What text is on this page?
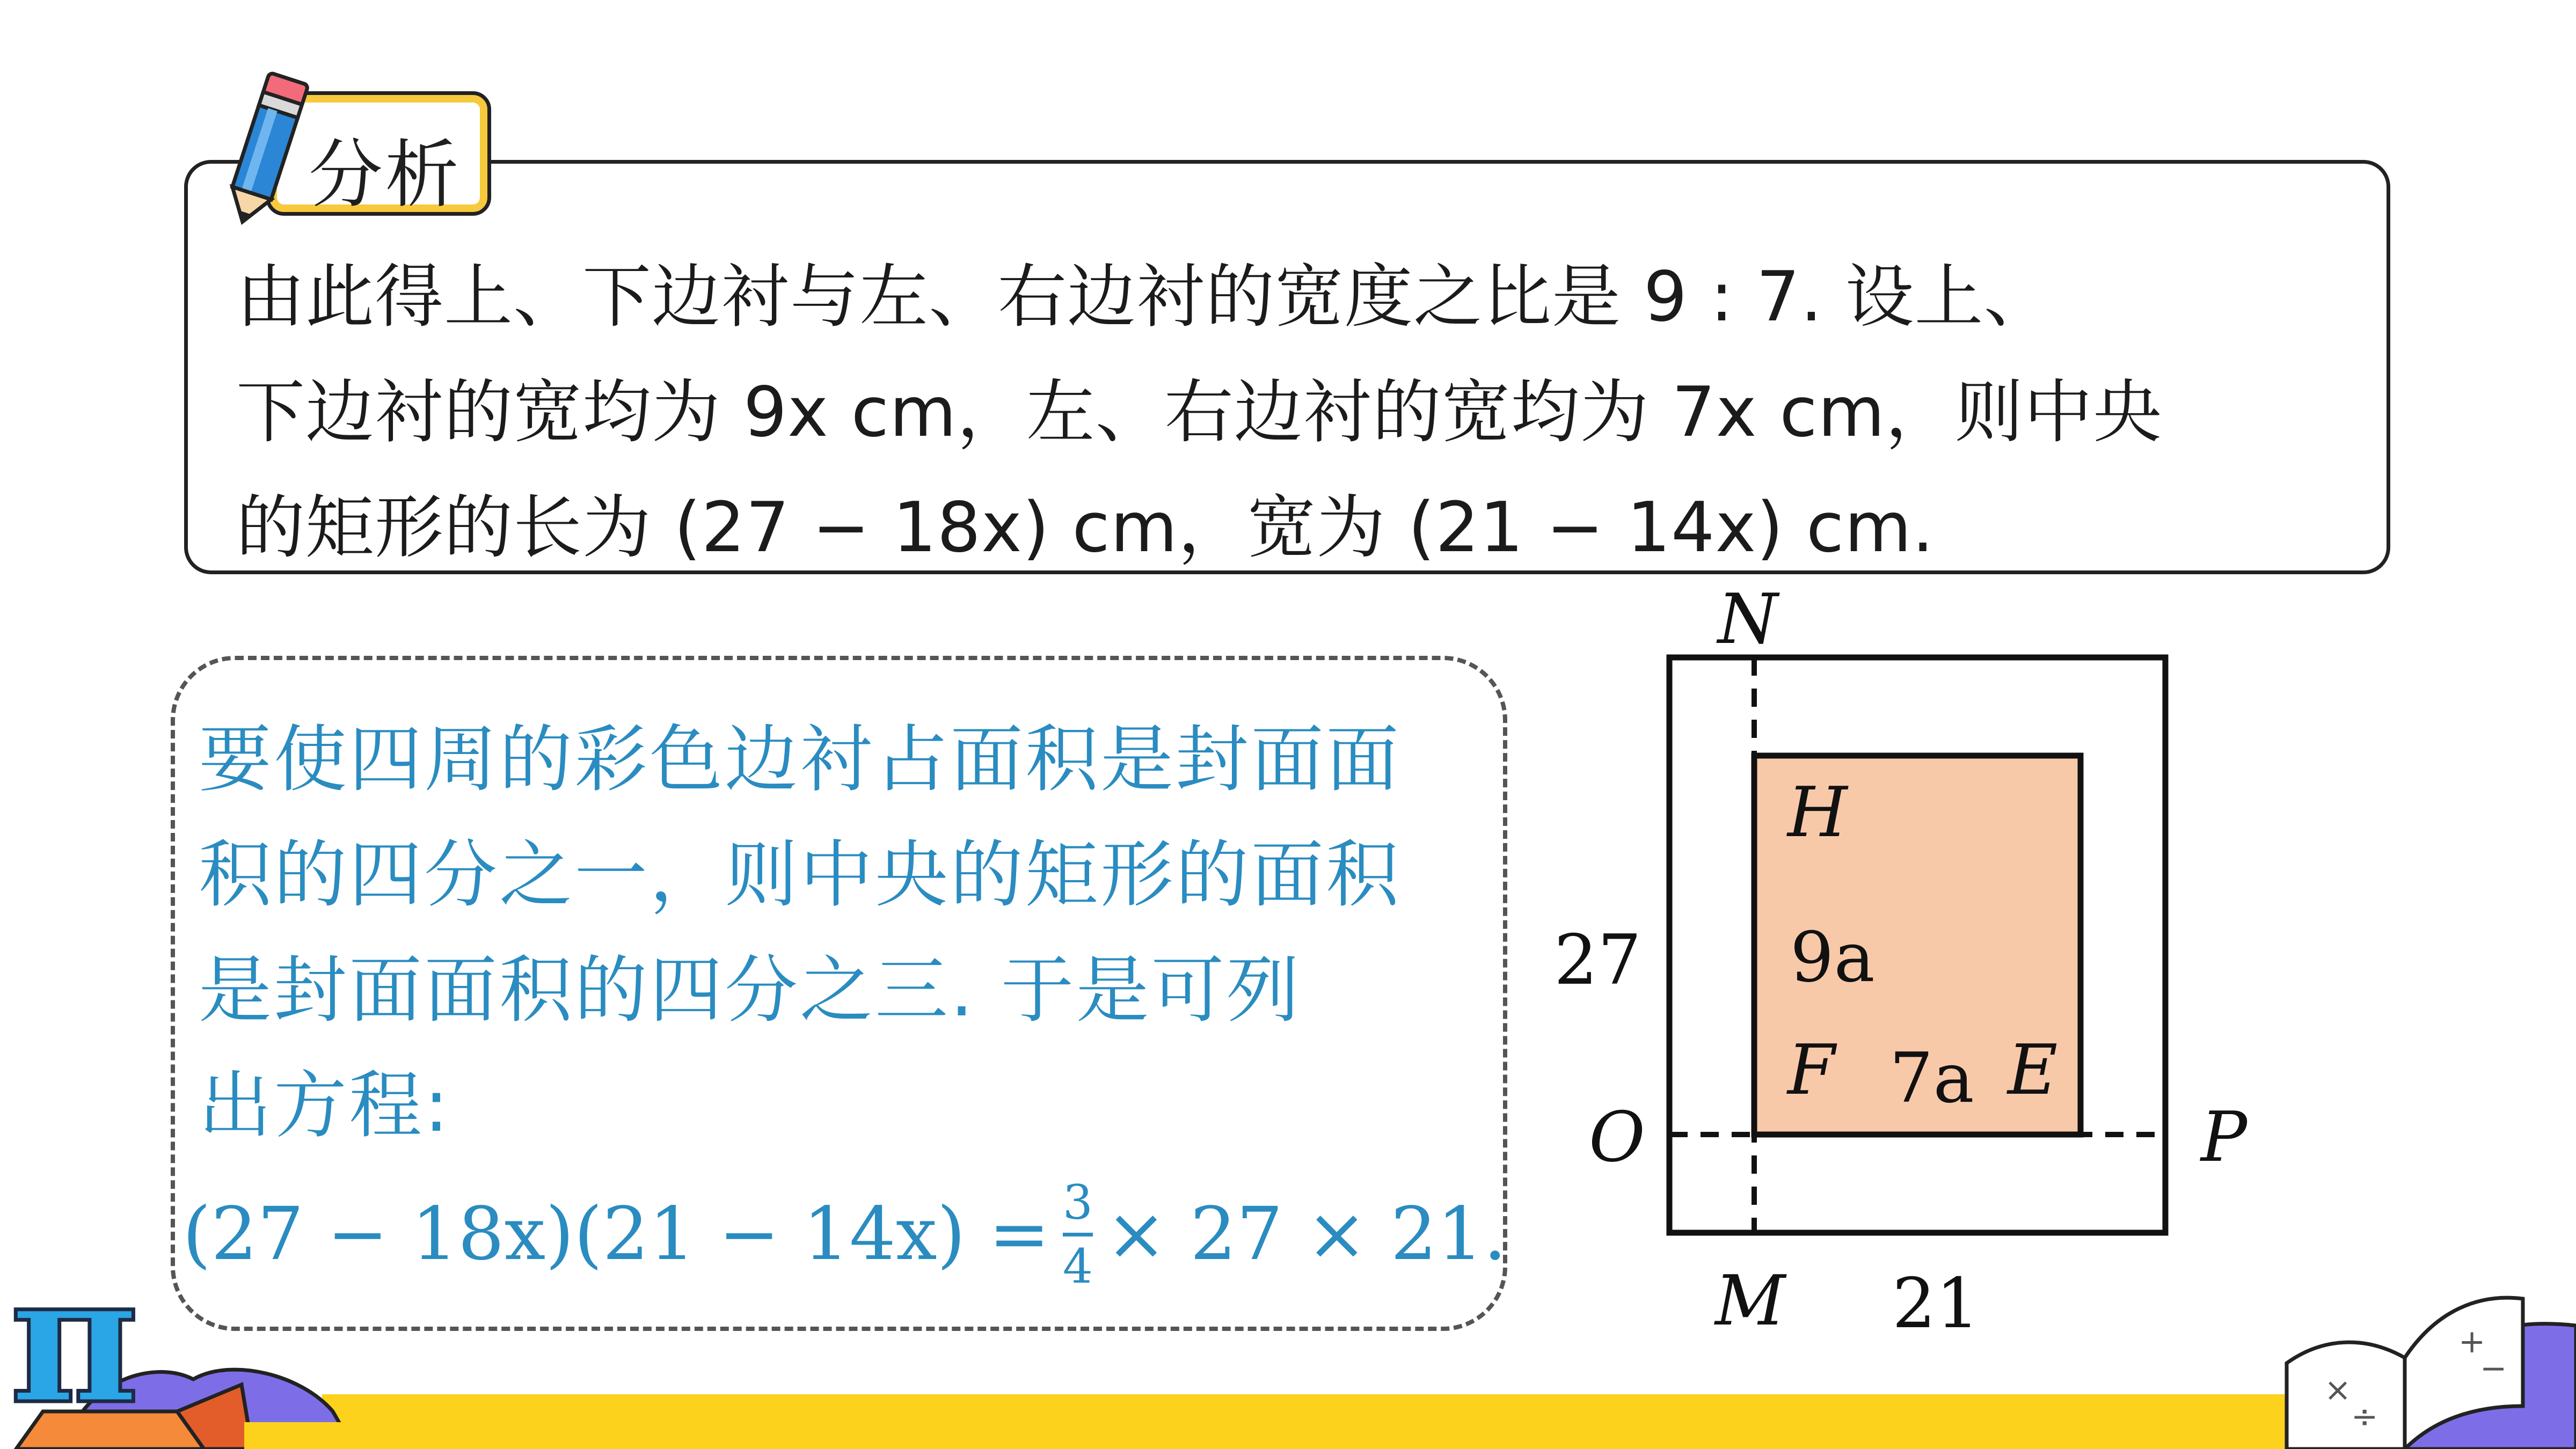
分析
由此得上、下边衬与左、右边衬的宽度之比是 9 : 7. 设上、
下边衬的宽均为 9x cm，左、右边衬的宽均为 7x cm，则中央
的矩形的长为 (27 − 18x) cm，宽为 (21 − 14x) cm.
要使四周的彩色边衬占面积是封面面
积的四分之一，则中央的矩形的面积
是封面面积的四分之三. 于是可列
出方程:
(27 − 18x)(21 − 14x) = 3
4 × 27 × 21.
N
M
O	P
H
F	E
9a
7a
27
21
π	×
÷
+
−
